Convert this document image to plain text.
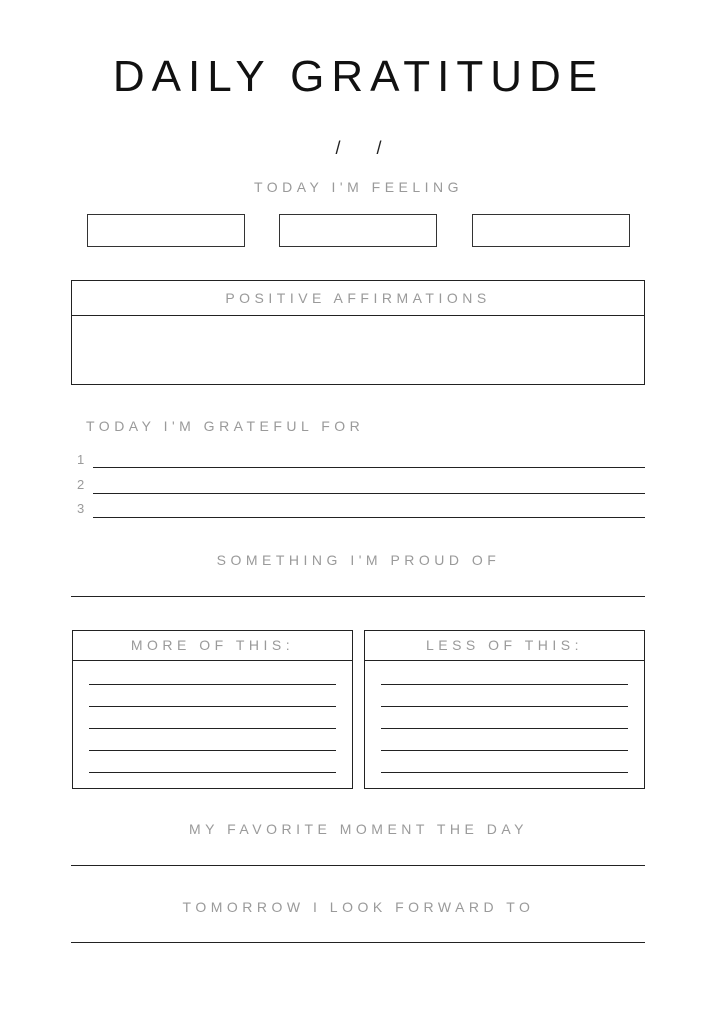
DAILY GRATITUDE
/ /
TODAY I'M FEELING
POSITIVE AFFIRMATIONS
TODAY I'M GRATEFUL FOR
1
2
3
SOMETHING I'M PROUD OF
MORE OF THIS:	LESS OF THIS:
MY FAVORITE MOMENT THE DAY
TOMORROW I LOOK FORWARD TO
